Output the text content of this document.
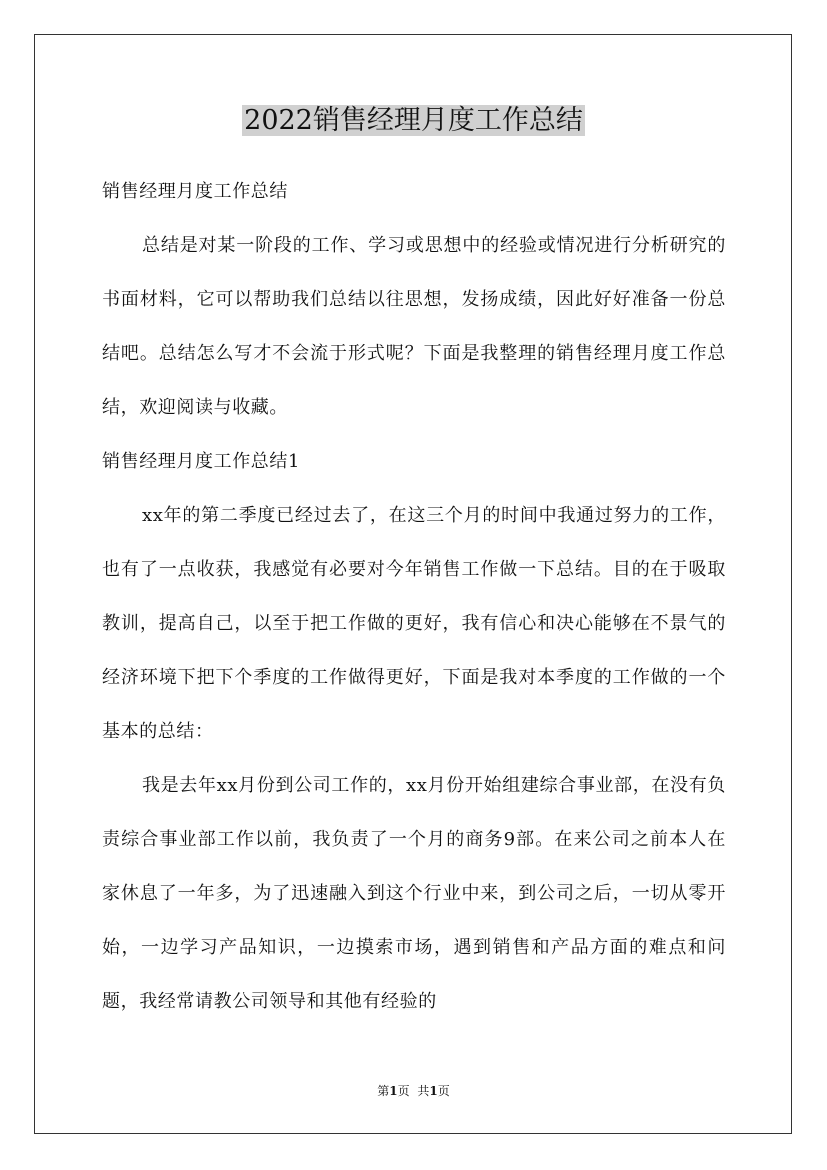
2022销售经理月度工作总结

销售经理月度工作总结

总结是对某一阶段的工作、学习或思想中的经验或情况进行分析研究的书面材料，它可以帮助我们总结以往思想，发扬成绩，因此好好准备一份总结吧。总结怎么写才不会流于形式呢？下面是我整理的销售经理月度工作总结，欢迎阅读与收藏。

销售经理月度工作总结1

xx年的第二季度已经过去了，在这三个月的时间中我通过努力的工作，也有了一点收获，我感觉有必要对今年销售工作做一下总结。目的在于吸取教训，提高自己，以至于把工作做的更好，我有信心和决心能够在不景气的经济环境下把下个季度的工作做得更好，下面是我对本季度的工作做的一个基本的总结：

我是去年xx月份到公司工作的，xx月份开始组建综合事业部，在没有负责综合事业部工作以前，我负责了一个月的商务9部。在来公司之前本人在家休息了一年多，为了迅速融入到这个行业中来，到公司之后，一切从零开始，一边学习产品知识，一边摸索市场，遇到销售和产品方面的难点和问题，我经常请教公司领导和其他有经验的

第1页 共1页
